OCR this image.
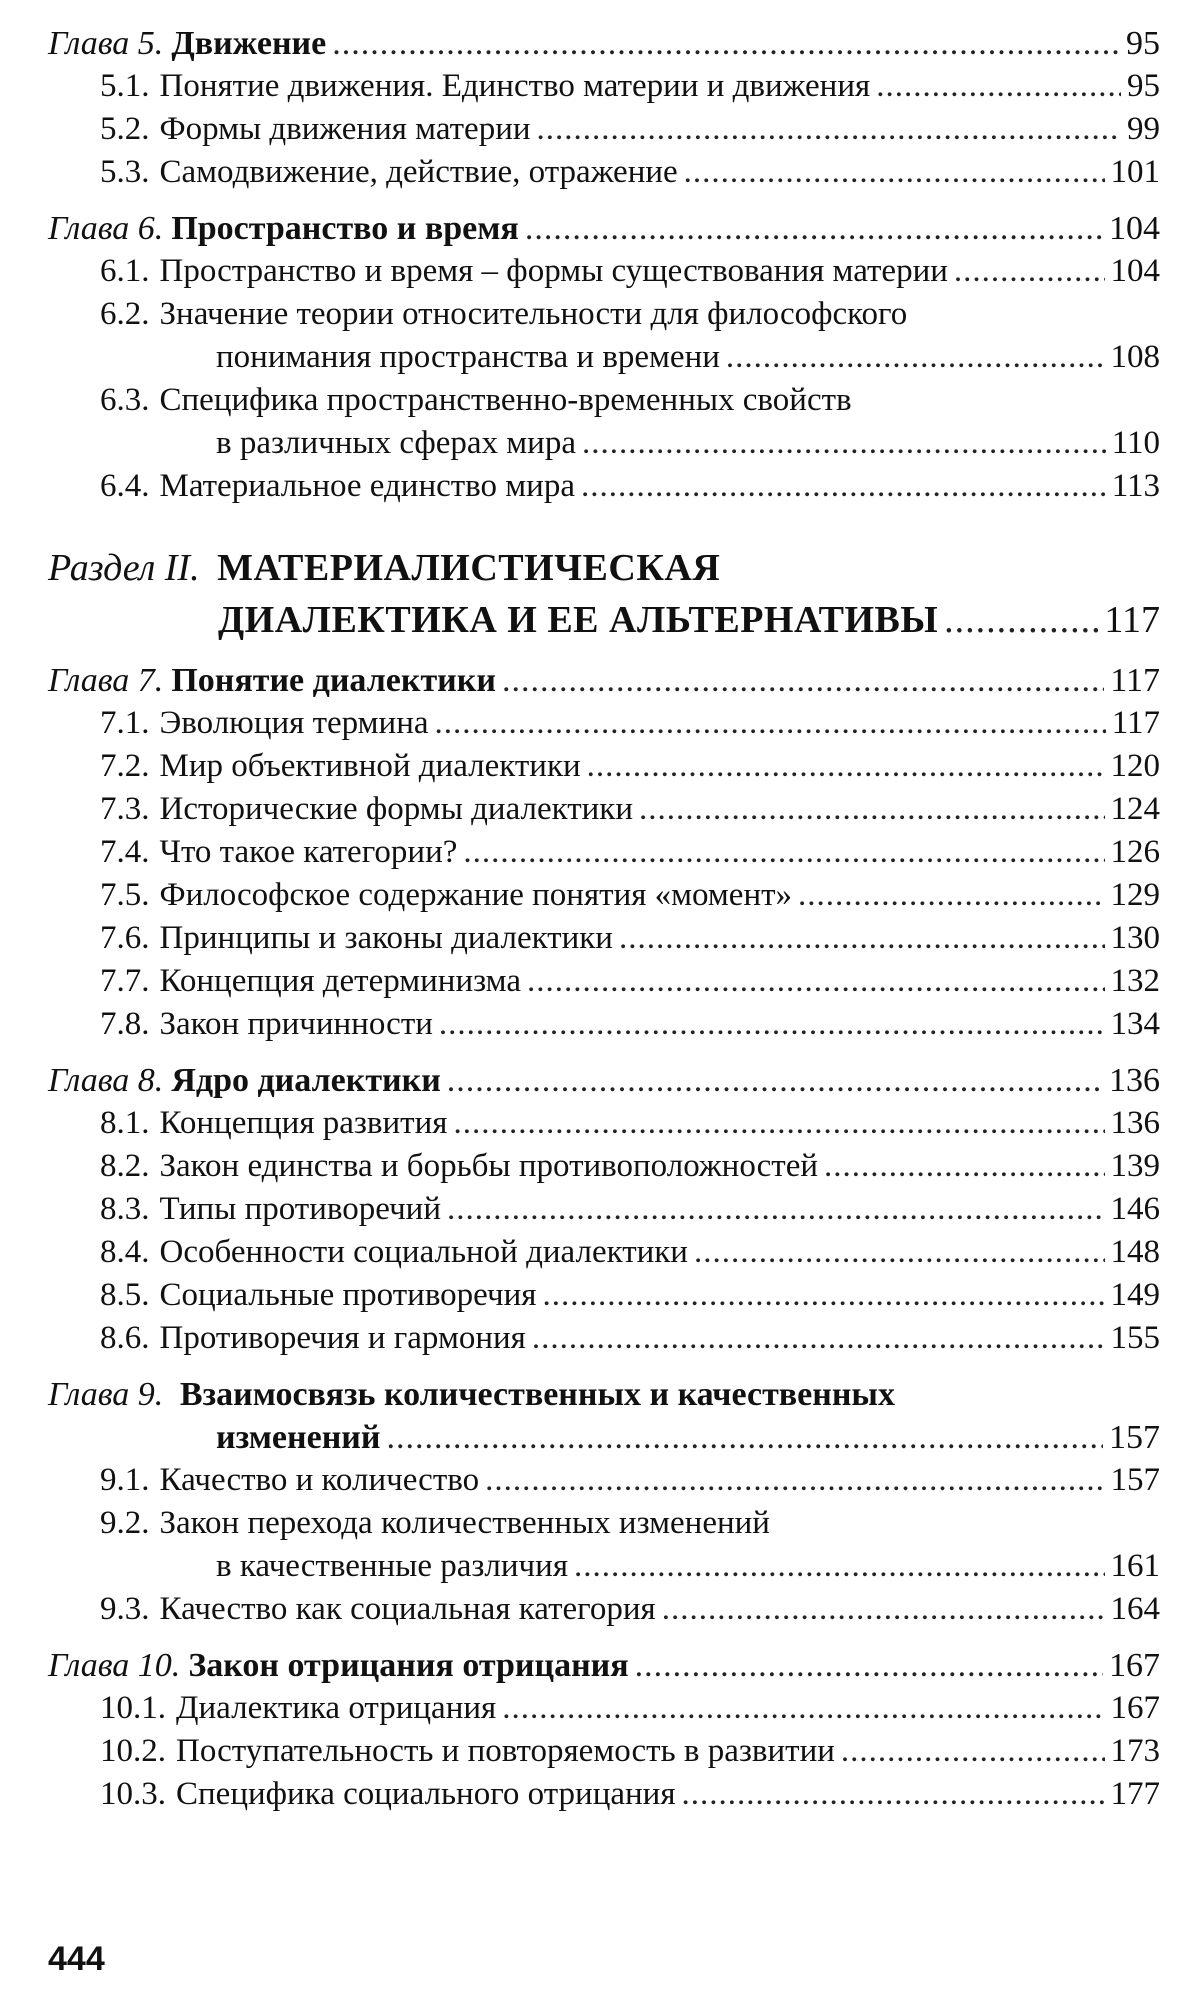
Глава 5. Движение .....	95
5.1. Понятие движения. Единство материи и движения .....	95
5.2. Формы движения материи .....	99
5.3. Самодвижение, действие, отражение .....	101
Глава 6. Пространство и время .....	104
6.1. Пространство и время – формы существования материи .....	104
6.2. Значение теории относительности для философского
понимания пространства и времени .....	108
6.3. Специфика пространственно-временных свойств
в различных сферах мира .....	110
6.4. Материальное единство мира .....	113
Раздел II. МАТЕРИАЛИСТИЧЕСКАЯ
ДИАЛЕКТИКА И ЕЕ АЛЬТЕРНАТИВЫ .....	117
Глава 7. Понятие диалектики .....	117
7.1. Эволюция термина .....	117
7.2. Мир объективной диалектики .....	120
7.3. Исторические формы диалектики .....	124
7.4. Что такое категории? .....	126
7.5. Философское содержание понятия «момент» .....	129
7.6. Принципы и законы диалектики .....	130
7.7. Концепция детерминизма .....	132
7.8. Закон причинности .....	134
Глава 8. Ядро диалектики .....	136
8.1. Концепция развития .....	136
8.2. Закон единства и борьбы противоположностей .....	139
8.3. Типы противоречий .....	146
8.4. Особенности социальной диалектики .....	148
8.5. Социальные противоречия .....	149
8.6. Противоречия и гармония .....	155
Глава 9. Взаимосвязь количественных и качественных
изменений .....	157
9.1. Качество и количество .....	157
9.2. Закон перехода количественных изменений
в качественные различия .....	161
9.3. Качество как социальная категория .....	164
Глава 10. Закон отрицания отрицания .....	167
10.1. Диалектика отрицания .....	167
10.2. Поступательность и повторяемость в развитии .....	173
10.3. Специфика социального отрицания .....	177
444
